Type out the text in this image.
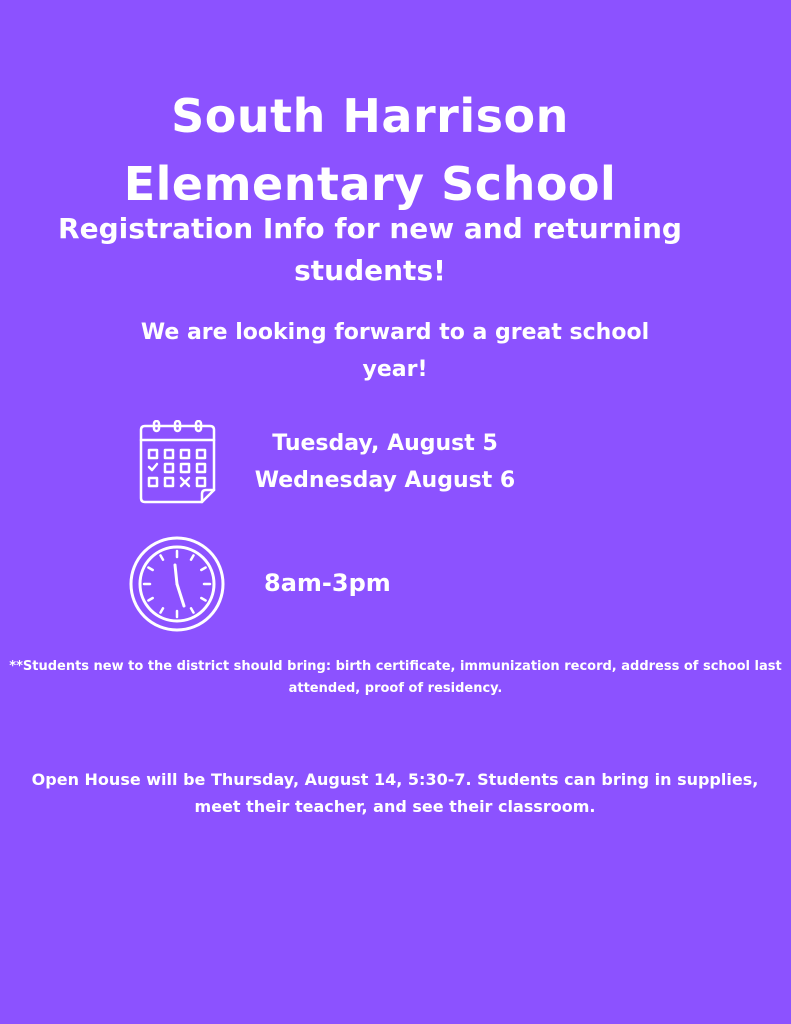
South Harrison Elementary School
Registration Info for new and returning students!
We are looking forward to a great school year!
Tuesday, August 5
Wednesday August 6
8am-3pm
**Students new to the district should bring: birth certificate, immunization record, address of school last attended, proof of residency.
Open House will be Thursday, August 14, 5:30-7. Students can bring in supplies, meet their teacher, and see their classroom.
